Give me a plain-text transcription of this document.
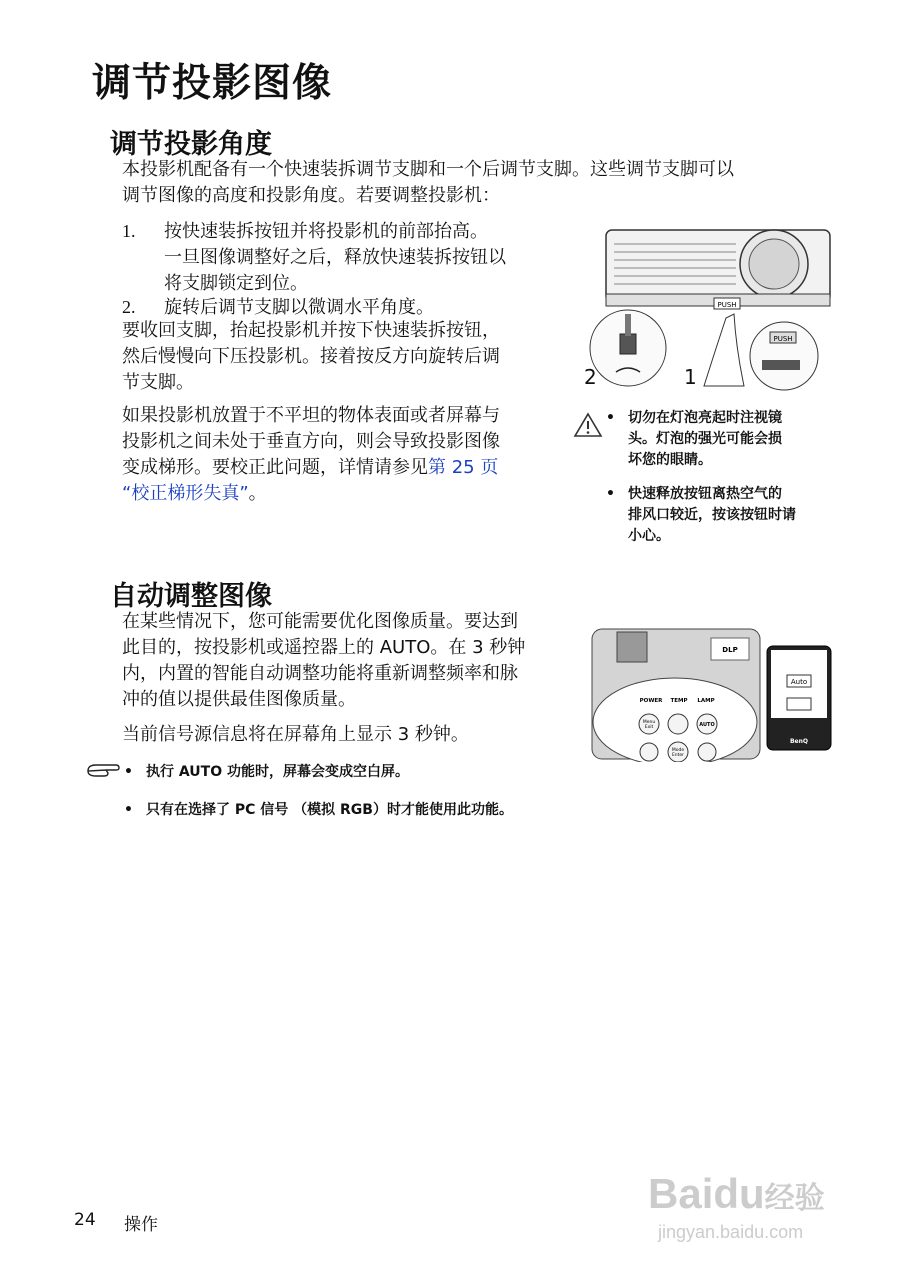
调节投影图像
调节投影角度
本投影机配备有一个快速装拆调节支脚和一个后调节支脚。这些调节支脚可以
调节图像的高度和投影角度。若要调整投影机：
1. 按快速装拆按钮并将投影机的前部抬高。
一旦图像调整好之后，释放快速装拆按钮以
将支脚锁定到位。
2. 旋转后调节支脚以微调水平角度。
要收回支脚，抬起投影机并按下快速装拆按钮，
然后慢慢向下压投影机。接着按反方向旋转后调
节支脚。
如果投影机放置于不平坦的物体表面或者屏幕与
投影机之间未处于垂直方向，则会导致投影图像
变成梯形。要校正此问题，详情请参见第 25 页
“校正梯形失真”。
PUSH
PUSH
2	1
• 切勿在灯泡亮起时注视镜
头。灯泡的强光可能会损
坏您的眼睛。
• 快速释放按钮离热空气的
排风口较近，按该按钮时请
小心。
自动调整图像
在某些情况下，您可能需要优化图像质量。要达到
此目的，按投影机或遥控器上的 AUTO。在 3 秒钟
内，内置的智能自动调整功能将重新调整频率和脉
冲的值以提供最佳图像质量。
当前信号源信息将在屏幕角上显示 3 秒钟。
DLP
POWER TEMP LAMP
Menu
Exit	AUTO
Mode
Enter
Auto
BenQ
• 执行 AUTO 功能时，屏幕会变成空白屏。
• 只有在选择了 PC 信号 （模拟 RGB）时才能使用此功能。
24 操作
Baidu经验
jingyan.baidu.com
